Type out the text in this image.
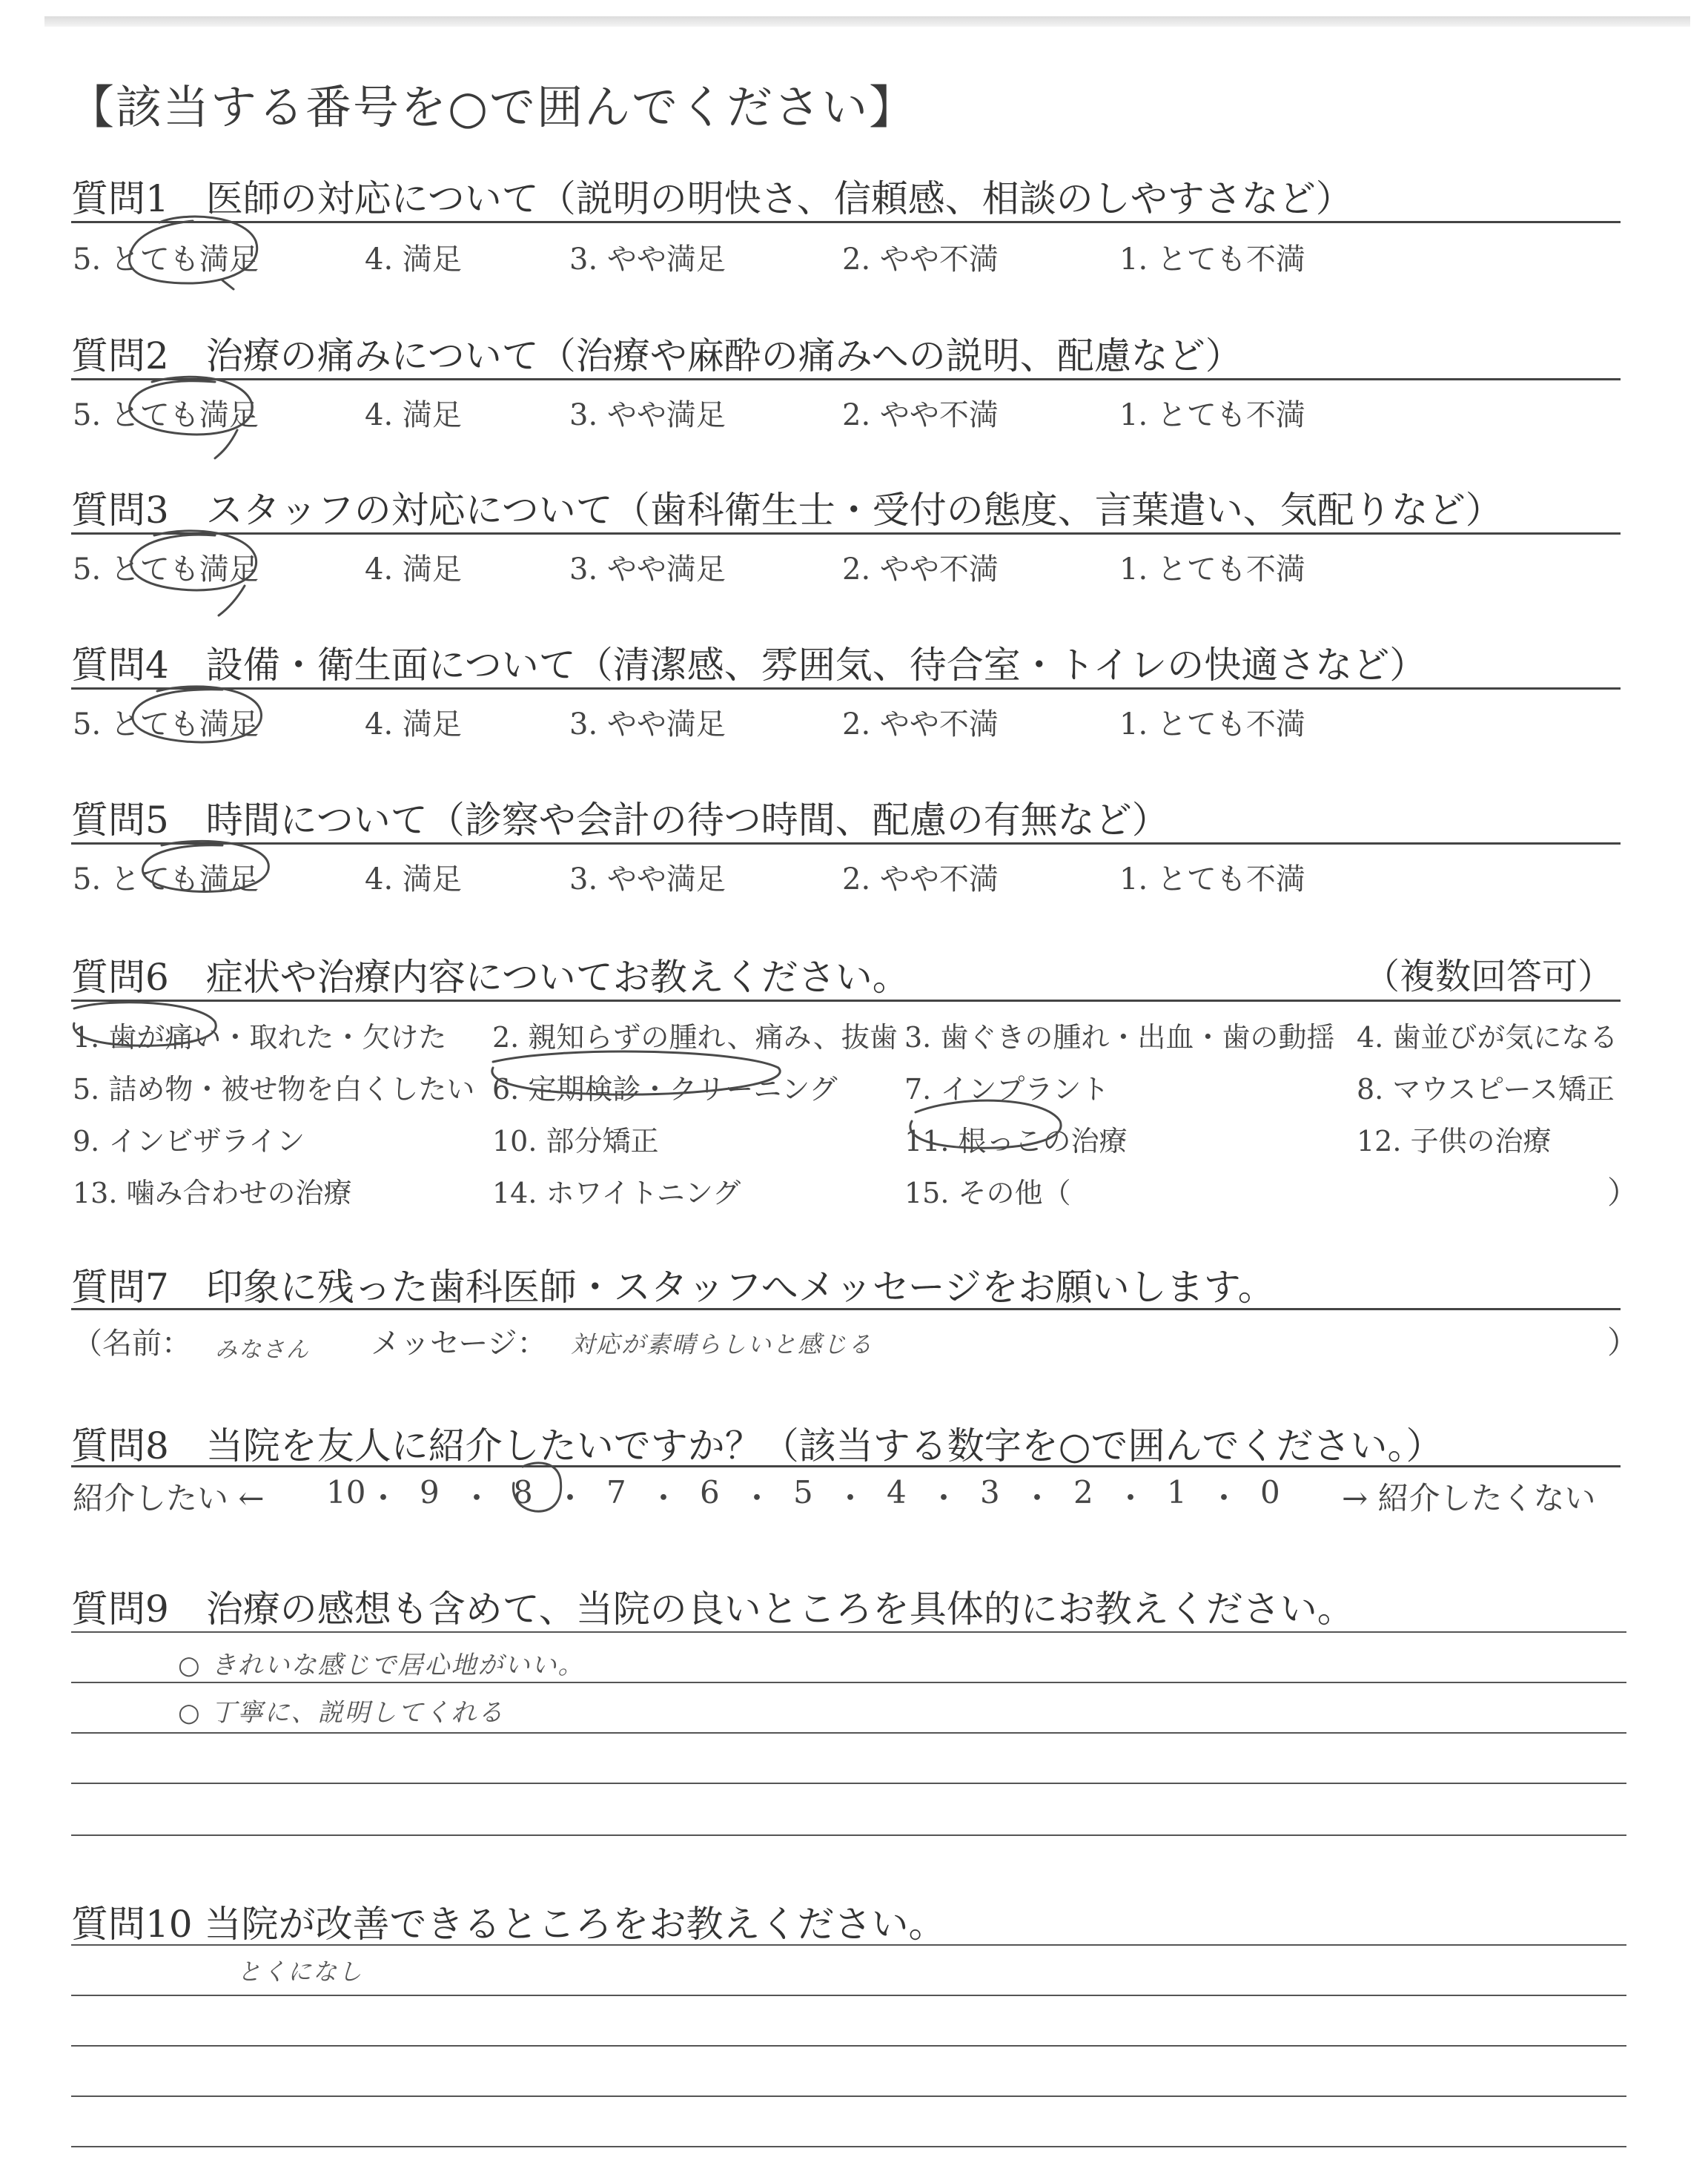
【該当する番号を○で囲んでください】
質問1　医師の対応について（説明の明快さ、信頼感、相談のしやすさなど）
5. とても満足	4. 満足	3. やや満足	2. やや不満	1. とても不満
質問2　治療の痛みについて（治療や麻酔の痛みへの説明、配慮など）
5. とても満足	4. 満足	3. やや満足	2. やや不満	1. とても不満
質問3　スタッフの対応について（歯科衛生士・受付の態度、言葉遣い、気配りなど）
5. とても満足	4. 満足	3. やや満足	2. やや不満	1. とても不満
質問4　設備・衛生面について（清潔感、雰囲気、待合室・トイレの快適さなど）
5. とても満足	4. 満足	3. やや満足	2. やや不満	1. とても不満
質問5　時間について（診察や会計の待つ時間、配慮の有無など）
5. とても満足	4. 満足	3. やや満足	2. やや不満	1. とても不満
質問6　症状や治療内容についてお教えください。	（複数回答可）
1. 歯が痛い・取れた・欠けた 2. 親知らずの腫れ、痛み、抜歯 3. 歯ぐきの腫れ・出血・歯の動揺 4. 歯並びが気になる
5. 詰め物・被せ物を白くしたい 6. 定期検診・クリーニング 7. インプラント	8. マウスピース矯正
9. インビザライン	10. 部分矯正	11. 根っこの治療	12. 子供の治療
13. 噛み合わせの治療	14. ホワイトニング	15. その他（	）
質問7　印象に残った歯科医師・スタッフへメッセージをお願いします。
（名前： みなさん メッセージ： 対応が素晴らしいと感じる	）
質問8　当院を友人に紹介したいですか？（該当する数字を○で囲んでください。）
紹介したい ← 10 ・ 9 ・ 8 ・ 7 ・ 6 ・ 5 ・ 4 ・ 3 ・ 2 ・ 1 ・ 0 → 紹介したくない
質問9　治療の感想も含めて、当院の良いところを具体的にお教えください。
○ きれいな感じで居心地がいい。
○ 丁寧に、説明してくれる
質問10 当院が改善できるところをお教えください。
とくになし
